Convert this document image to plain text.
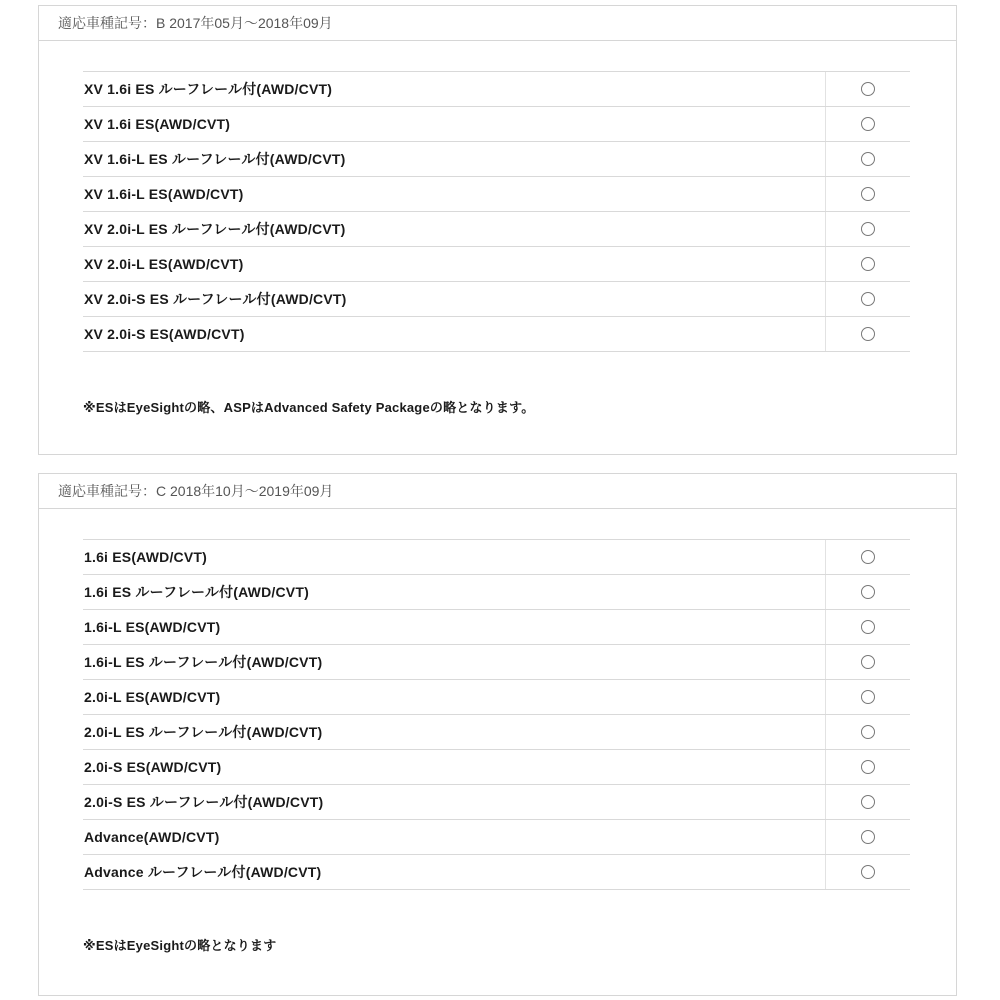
適応車種記号：B 2017年05月～2018年09月
XV 1.6i ES ルーフレール付(AWD/CVT)
XV 1.6i ES(AWD/CVT)
XV 1.6i-L ES ルーフレール付(AWD/CVT)
XV 1.6i-L ES(AWD/CVT)
XV 2.0i-L ES ルーフレール付(AWD/CVT)
XV 2.0i-L ES(AWD/CVT)
XV 2.0i-S ES ルーフレール付(AWD/CVT)
XV 2.0i-S ES(AWD/CVT)
※ESはEyeSightの略、ASPはAdvanced Safety Packageの略となります。
適応車種記号：C 2018年10月～2019年09月
1.6i ES(AWD/CVT)
1.6i ES ルーフレール付(AWD/CVT)
1.6i-L ES(AWD/CVT)
1.6i-L ES ルーフレール付(AWD/CVT)
2.0i-L ES(AWD/CVT)
2.0i-L ES ルーフレール付(AWD/CVT)
2.0i-S ES(AWD/CVT)
2.0i-S ES ルーフレール付(AWD/CVT)
Advance(AWD/CVT)
Advance ルーフレール付(AWD/CVT)
※ESはEyeSightの略となります
